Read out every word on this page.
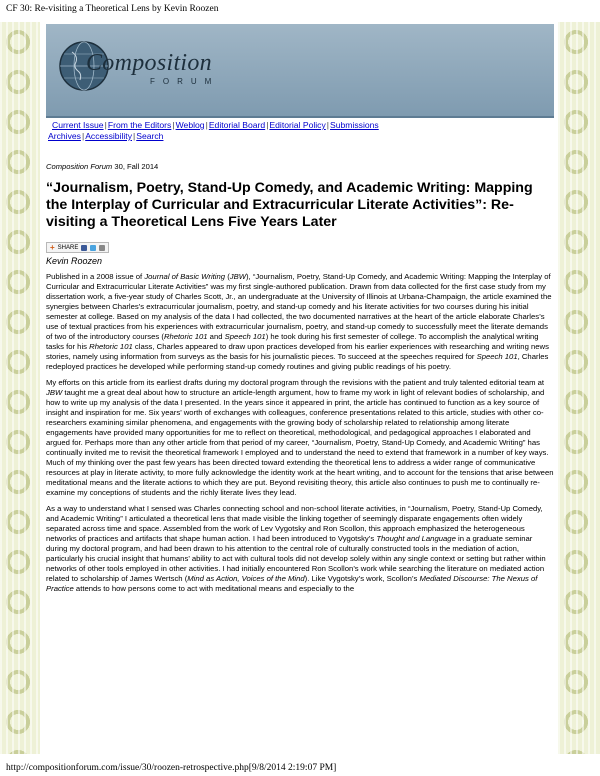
CF 30: Re-visiting a Theoretical Lens by Kevin Roozen
Composition
FORUM
Current Issue|From the Editors|Weblog|Editorial Board|Editorial Policy|Submissions
Archives|Accessibility|Search
Composition Forum 30, Fall 2014
“Journalism, Poetry, Stand-Up Comedy, and Academic Writing: Mapping the Interplay of Curricular and Extracurricular Literate Activities”: Re-visiting a Theoretical Lens Five Years Later
+ SHARE
Kevin Roozen

Published in a 2008 issue of Journal of Basic Writing (JBW), “Journalism, Poetry, Stand-Up Comedy, and Academic Writing: Mapping the Interplay of Curricular and Extracurricular Literate Activities” was my first single-authored publication. Drawn from data collected for the first case study from my dissertation work, a five-year study of Charles Scott, Jr., an undergraduate at the University of Illinois at Urbana-Champaign, the article examined the synergies between Charles’s extracurricular journalism, poetry, and stand-up comedy and his literate activities for two courses during his initial semester at college. Based on my analysis of the data I had collected, the two documented narratives at the heart of the article elaborate Charles’s use of textual practices from his experiences with extracurricular journalism, poetry, and stand-up comedy to successfully meet the literate demands of two of the introductory courses (Rhetoric 101 and Speech 101) he took during his first semester of college. To accomplish the analytical writing tasks for his Rhetoric 101 class, Charles appeared to draw upon practices developed from his earlier experiences with researching and writing news stories, namely using information from surveys as the basis for his journalistic pieces. To succeed at the speeches required for Speech 101, Charles redeployed practices he developed while performing stand-up comedy routines and giving public readings of his poetry.

My efforts on this article from its earliest drafts during my doctoral program through the revisions with the patient and truly talented editorial team at JBW taught me a great deal about how to structure an article-length argument, how to frame my work in light of relevant bodies of scholarship, and how to write up my analysis of the data I presented. In the years since it appeared in print, the article has continued to function as a key source of insight and inspiration for me. Six years’ worth of exchanges with colleagues, conference presentations related to this article, studies with other co-researchers examining similar phenomena, and engagements with the growing body of scholarship related to relationship among literate engagements have provided many opportunities for me to reflect on theoretical, methodological, and pedagogical approaches I elaborated and argued for. Perhaps more than any other article from that period of my career, “Journalism, Poetry, Stand-Up Comedy, and Academic Writing” has continually invited me to revisit the theoretical framework I employed and to understand the need to extend that framework in a number of key ways. Much of my thinking over the past few years has been directed toward extending the theoretical lens to address a wider range of communicative resources at play in literate activity, to more fully acknowledge the identity work at the heart writing, and to account for the tensions that arise between meditational means and the literate actions to which they are put. Beyond revisiting theory, this article also continues to push me to continually re-examine my conceptions of students and the richly literate lives they lead.

As a way to understand what I sensed was Charles connecting school and non-school literate activities, in “Journalism, Poetry, Stand-Up Comedy, and Academic Writing” I articulated a theoretical lens that made visible the linking together of seemingly disparate engagements often widely separated across time and space. Assembled from the work of Lev Vygotsky and Ron Scollon, this approach emphasized the heterogeneous networks of practices and artifacts that shape human action. I had been introduced to Vygotsky’s Thought and Language in a graduate seminar during my doctoral program, and had been drawn to his attention to the central role of culturally constructed tools in the mediation of action, particularly his crucial insight that humans’ ability to act with cultural tools did not develop solely within any single context or setting but rather within networks of other tools employed in other activities. I had initially encountered Ron Scollon’s work while searching the literature on mediated action related to scholarship of James Wertsch (Mind as Action, Voices of the Mind). Like Vygotsky’s work, Scollon’s Mediated Discourse: The Nexus of Practice attends to how persons come to act with meditational means and especially to the

http://compositionforum.com/issue/30/roozen-retrospective.php[9/8/2014 2:19:07 PM]
